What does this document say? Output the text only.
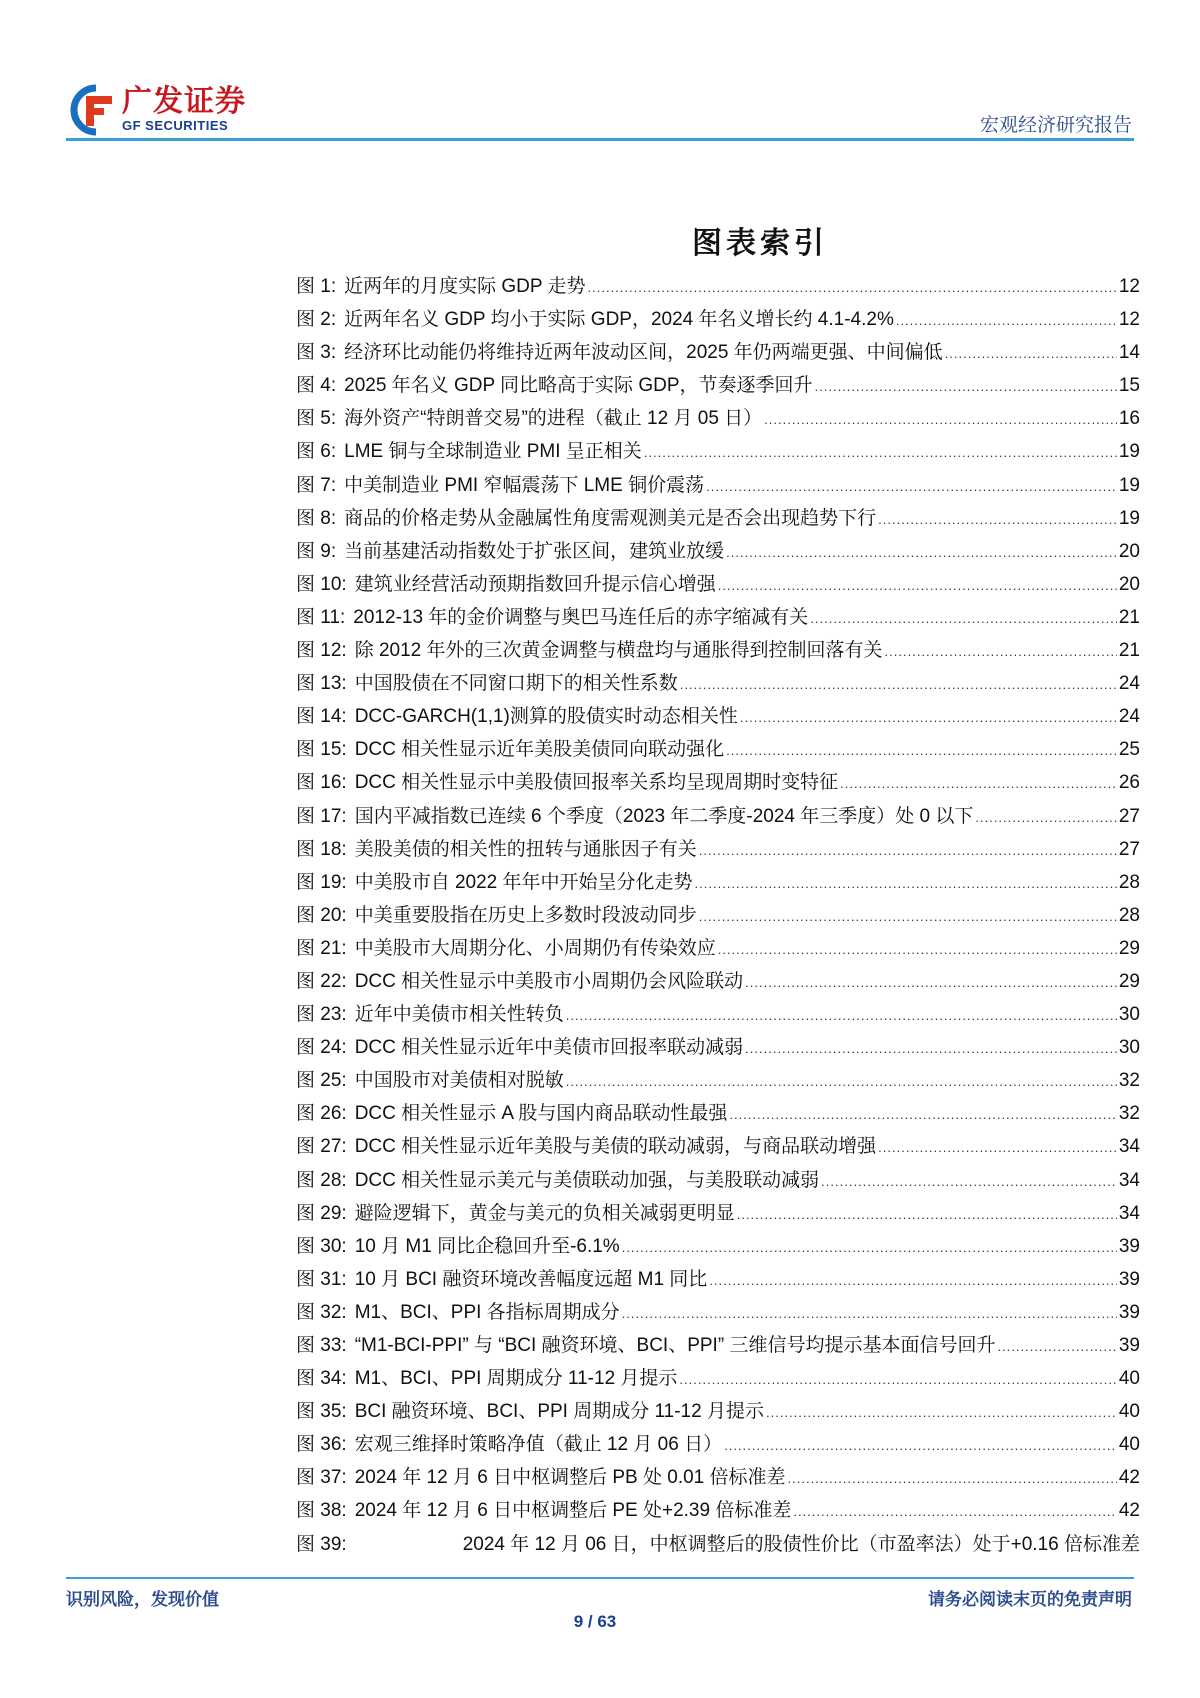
广发证券
GF SECURITIES	宏观经济研究报告
图表索引
图 1: 近两年的月度实际 GDP 走势 .....	12
图 2: 近两年名义 GDP 均小于实际 GDP，2024 年名义增长约 4.1-4.2% .....	12
图 3: 经济环比动能仍将维持近两年波动区间，2025 年仍两端更强、中间偏低 .....	14
图 4: 2025 年名义 GDP 同比略高于实际 GDP，节奏逐季回升 .....	15
图 5: 海外资产“特朗普交易”的进程（截止 12 月 05 日） .....	16
图 6: LME 铜与全球制造业 PMI 呈正相关 .....	19
图 7: 中美制造业 PMI 窄幅震荡下 LME 铜价震荡 .....	19
图 8: 商品的价格走势从金融属性角度需观测美元是否会出现趋势下行 .....	19
图 9: 当前基建活动指数处于扩张区间，建筑业放缓 .....	20
图 10: 建筑业经营活动预期指数回升提示信心增强 .....	20
图 11: 2012-13 年的金价调整与奥巴马连任后的赤字缩减有关 .....	21
图 12: 除 2012 年外的三次黄金调整与横盘均与通胀得到控制回落有关 .....	21
图 13: 中国股债在不同窗口期下的相关性系数 .....	24
图 14: DCC-GARCH(1,1)测算的股债实时动态相关性 .....	24
图 15: DCC 相关性显示近年美股美债同向联动强化 .....	25
图 16: DCC 相关性显示中美股债回报率关系均呈现周期时变特征 .....	26
图 17: 国内平减指数已连续 6 个季度（2023 年二季度-2024 年三季度）处 0 以下 .....	27
图 18: 美股美债的相关性的扭转与通胀因子有关 .....	27
图 19: 中美股市自 2022 年年中开始呈分化走势 .....	28
图 20: 中美重要股指在历史上多数时段波动同步 .....	28
图 21: 中美股市大周期分化、小周期仍有传染效应 .....	29
图 22: DCC 相关性显示中美股市小周期仍会风险联动 .....	29
图 23: 近年中美债市相关性转负 .....	30
图 24: DCC 相关性显示近年中美债市回报率联动减弱 .....	30
图 25: 中国股市对美债相对脱敏 .....	32
图 26: DCC 相关性显示 A 股与国内商品联动性最强 .....	32
图 27: DCC 相关性显示近年美股与美债的联动减弱，与商品联动增强 .....	34
图 28: DCC 相关性显示美元与美债联动加强，与美股联动减弱 .....	34
图 29: 避险逻辑下，黄金与美元的负相关减弱更明显 .....	34
图 30: 10 月 M1 同比企稳回升至-6.1% .....	39
图 31: 10 月 BCI 融资环境改善幅度远超 M1 同比 .....	39
图 32: M1、BCI、PPI 各指标周期成分 .....	39
图 33: “M1-BCI-PPI” 与 “BCI 融资环境、BCI、PPI” 三维信号均提示基本面信号回升 .....	39
图 34: M1、BCI、PPI 周期成分 11-12 月提示 .....	40
图 35: BCI 融资环境、BCI、PPI 周期成分 11-12 月提示 .....	40
图 36: 宏观三维择时策略净值（截止 12 月 06 日） .....	40
图 37: 2024 年 12 月 6 日中枢调整后 PB 处 0.01 倍标准差 .....	42
图 38: 2024 年 12 月 6 日中枢调整后 PE 处+2.39 倍标准差 .....	42
图 39:	2024 年 12 月 06 日，中枢调整后的股债性价比（市盈率法）处于+0.16 倍标准差
识别风险，发现价值	请务必阅读末页的免责声明
9 / 63
